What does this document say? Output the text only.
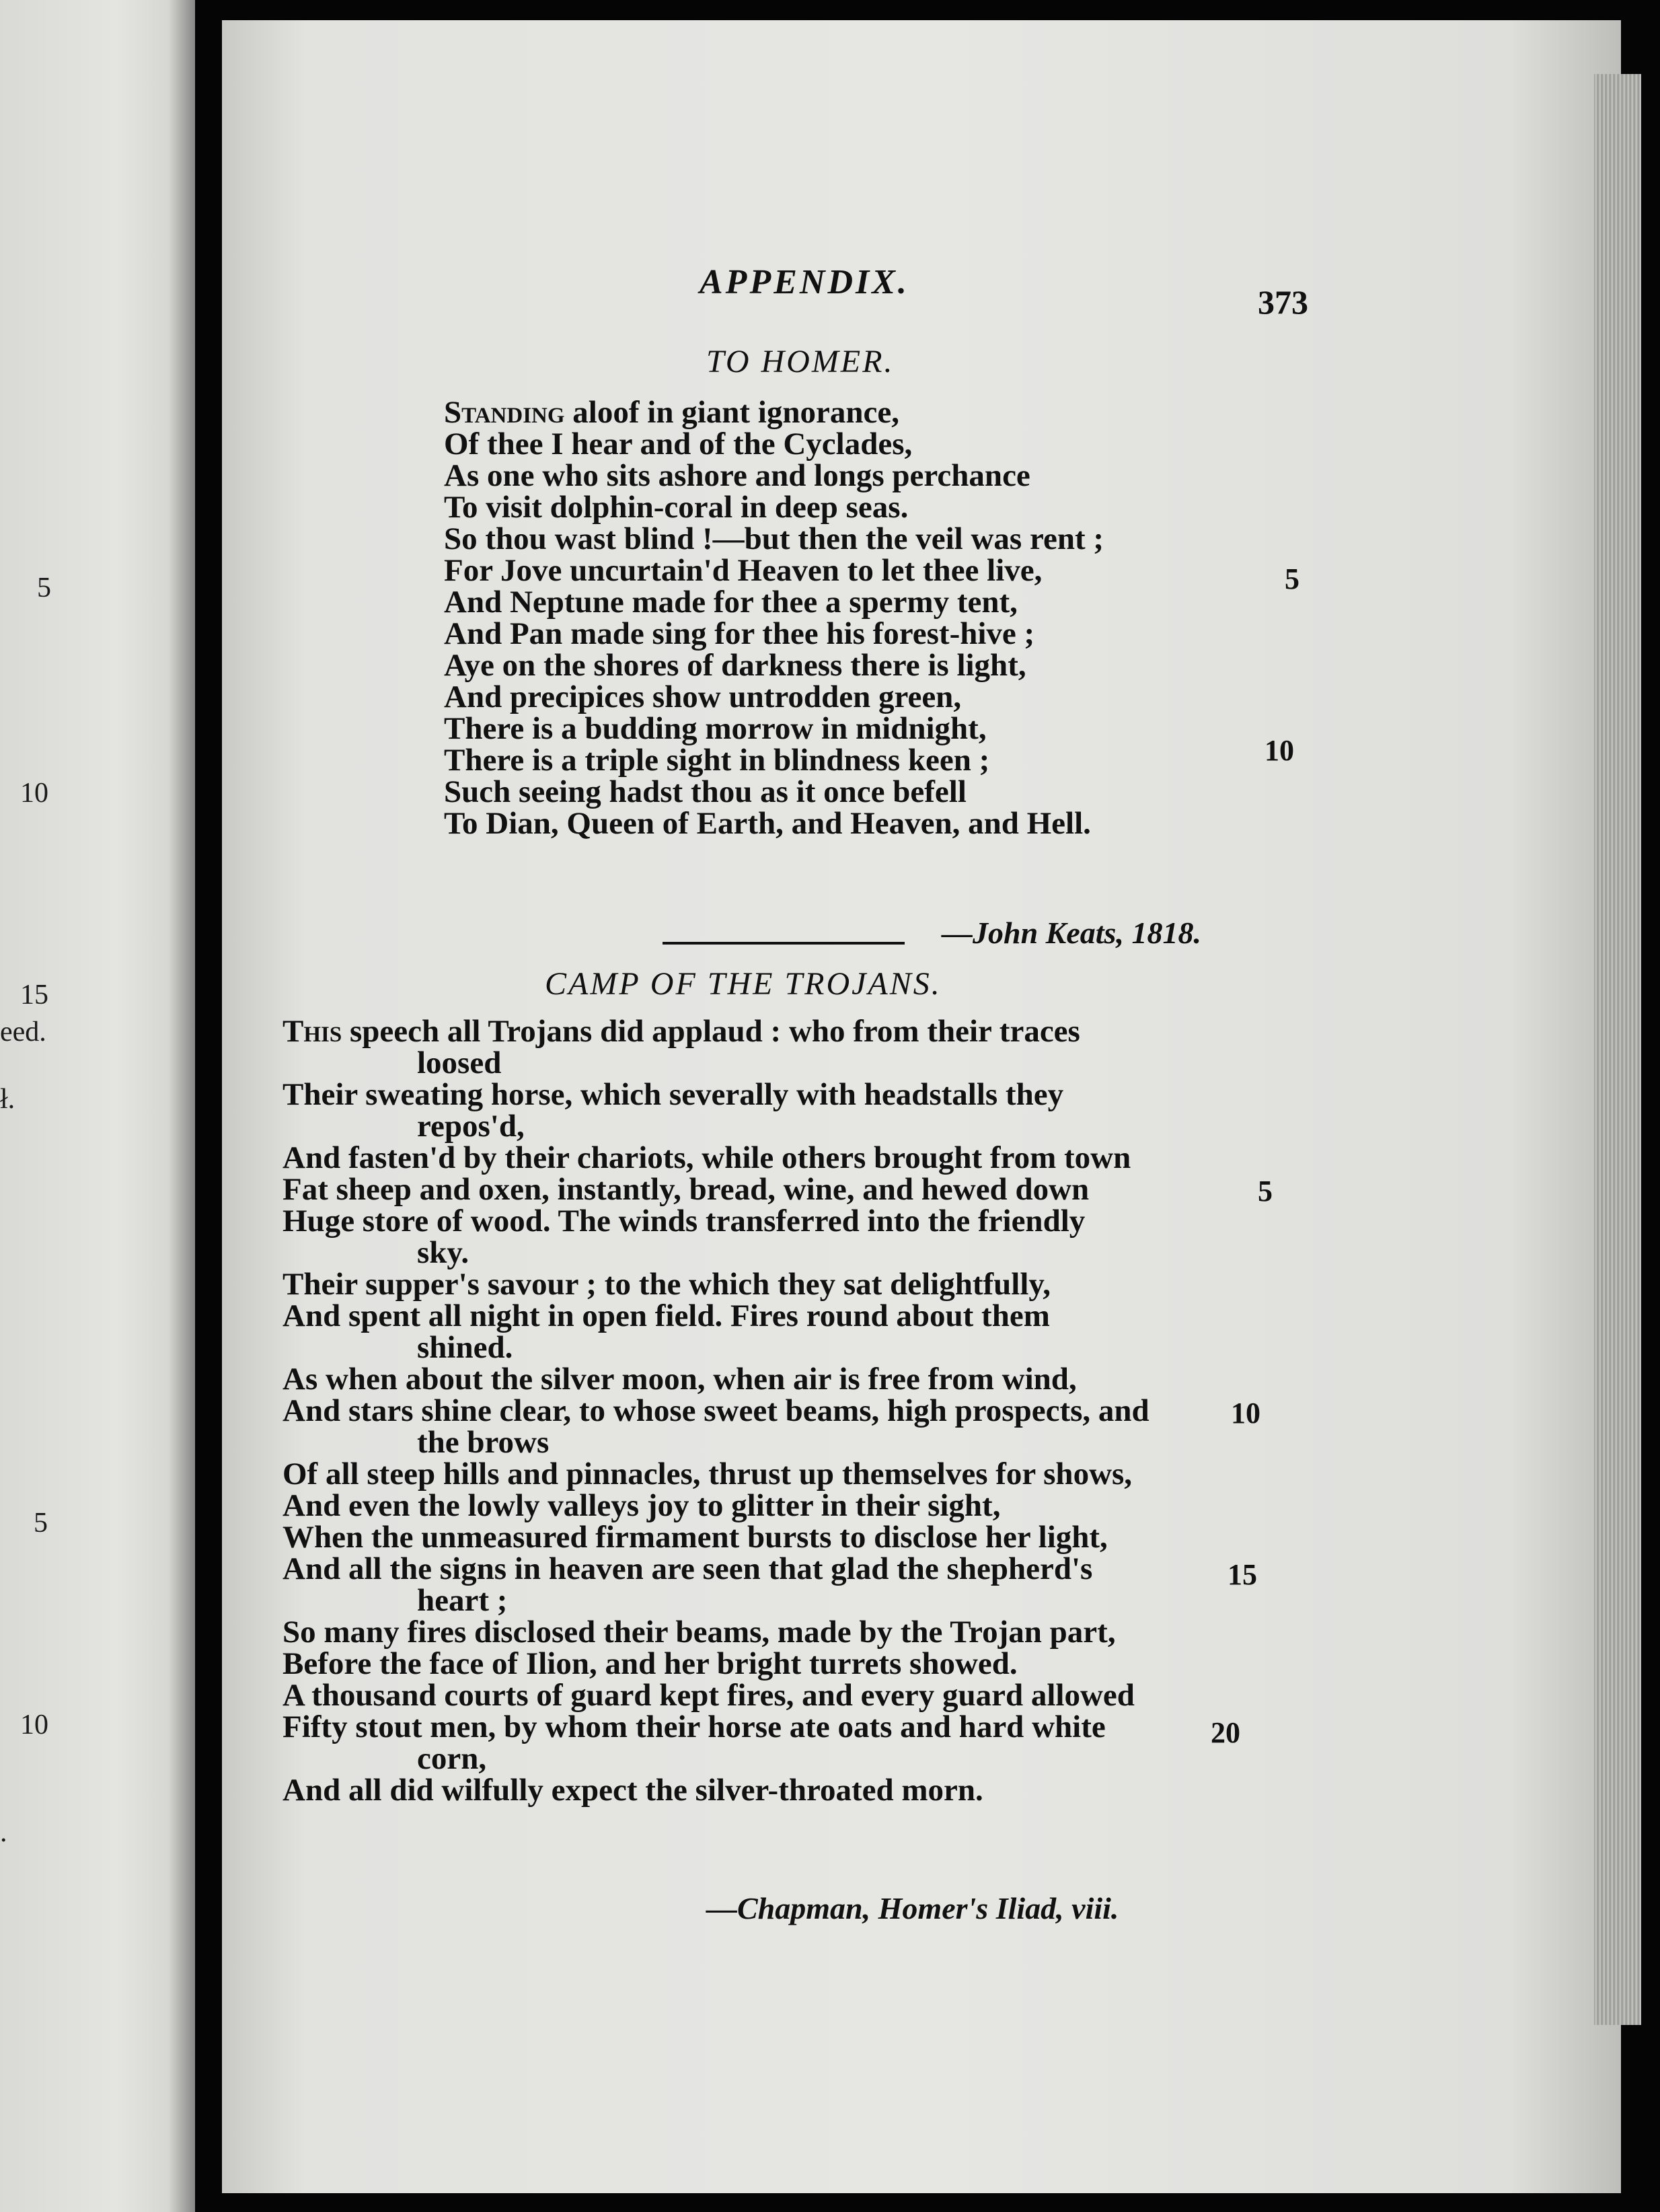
5
10
15
eed.
ł.
5
10
.
APPENDIX.
373
TO HOMER.
Standing aloof in giant ignorance,
Of thee I hear and of the Cyclades,
As one who sits ashore and longs perchance
To visit dolphin-coral in deep seas.
So thou wast blind !—but then the veil was rent ;
For Jove uncurtain'd Heaven to let thee live,
And Neptune made for thee a spermy tent,
And Pan made sing for thee his forest-hive ;
Aye on the shores of darkness there is light,
And precipices show untrodden green,
There is a budding morrow in midnight,
There is a triple sight in blindness keen ;
Such seeing hadst thou as it once befell
To Dian, Queen of Earth, and Heaven, and Hell.
5
10
—John Keats, 1818.
CAMP OF THE TROJANS.
This speech all Trojans did applaud : who from their traces
loosed
Their sweating horse, which severally with headstalls they
repos'd,
And fasten'd by their chariots, while others brought from town
Fat sheep and oxen, instantly, bread, wine, and hewed down
Huge store of wood. The winds transferred into the friendly
sky.
Their supper's savour ; to the which they sat delightfully,
And spent all night in open field. Fires round about them
shined.
As when about the silver moon, when air is free from wind,
And stars shine clear, to whose sweet beams, high prospects, and
the brows
Of all steep hills and pinnacles, thrust up themselves for shows,
And even the lowly valleys joy to glitter in their sight,
When the unmeasured firmament bursts to disclose her light,
And all the signs in heaven are seen that glad the shepherd's
heart ;
So many fires disclosed their beams, made by the Trojan part,
Before the face of Ilion, and her bright turrets showed.
A thousand courts of guard kept fires, and every guard allowed
Fifty stout men, by whom their horse ate oats and hard white
corn,
And all did wilfully expect the silver-throated morn.
5
10
15
20
—Chapman, Homer's Iliad, viii.
